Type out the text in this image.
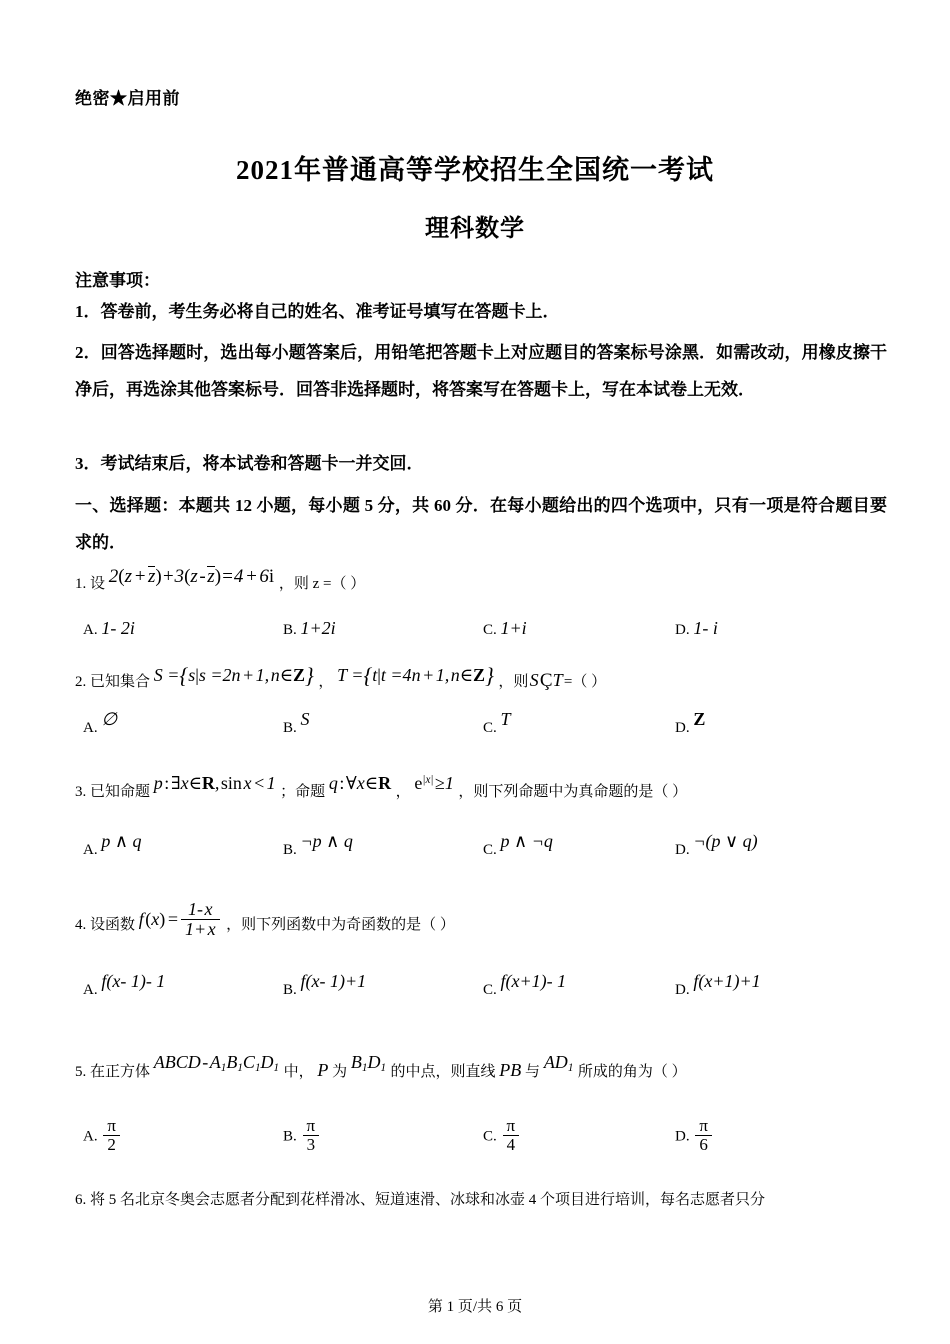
绝密★启用前
2021年普通高等学校招生全国统一考试
理科数学
注意事项：
1．答卷前，考生务必将自己的姓名、准考证号填写在答题卡上．
2．回答选择题时，选出每小题答案后，用铅笔把答题卡上对应题目的答案标号涂黑．如需改动，用橡皮擦干净后，再选涂其他答案标号．回答非选择题时，将答案写在答题卡上，写在本试卷上无效．
3．考试结束后，将本试卷和答题卡一并交回．
一、选择题：本题共 12 小题，每小题 5 分，共 60 分．在每小题给出的四个选项中，只有一项是符合题目要求的．
1. 设 2(z + z)+3(z - z)=4 + 6i ，则 z =（ ）
A. 1- 2i	B. 1+2i	C. 1+i	D. 1- i
2. 已知集合 S ={s|s =2n + 1, n∈Z} ， T ={t|t =4n + 1, n∈Z} ，则 S ÇT =（ ）
A. ∅	B. S	C. T	D. Z
3. 已知命题 p : ∃x∈R, sin x < 1 ；命题 q : ∀x∈R ， $e^{|x|}$ ≥1 ，则下列命题中为真命题的是（ ）
A. p ∧ q	B. ¬p ∧ q	C. p ∧ ¬q	D. ¬(p ∨ q)
4. 设函数 f (x) = $\frac{1- x}{1+ x}$ ，则下列函数中为奇函数的是（ ）
A. f(x- 1)- 1	B. f(x- 1)+1	C. f(x+1)- 1	D. f(x+1)+1
5. 在正方体 ABCD - $A_1B_1C_1D_1$ 中， P 为 $B_1D_1$ 的中点，则直线 PB 与 $AD_1$ 所成的角为（ ）
A. $\frac{\pi}{2}$	B. $\frac{\pi}{3}$	C. $\frac{\pi}{4}$	D. $\frac{\pi}{6}$
6. 将 5 名北京冬奥会志愿者分配到花样滑冰、短道速滑、冰球和冰壶 4 个项目进行培训，每名志愿者只分

第 1 页/共 6 页
